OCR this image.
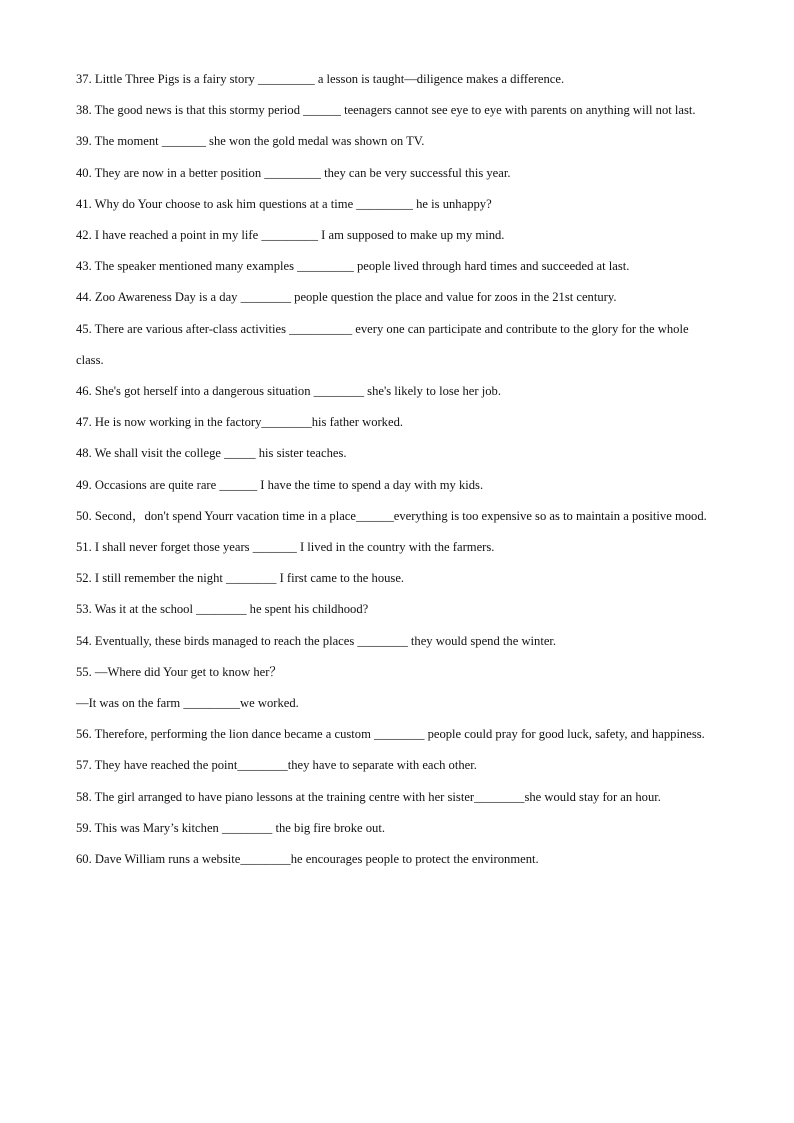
37. Little Three Pigs is a fairy story _________ a lesson is taught—diligence makes a difference.
38. The good news is that this stormy period ______ teenagers cannot see eye to eye with parents on anything will not last.
39. The moment _______ she won the gold medal was shown on TV.
40. They are now in a better position _________ they can be very successful this year.
41. Why do Your choose to ask him questions at a time _________ he is unhappy?
42. I have reached a point in my life _________ I am supposed to make up my mind.
43. The speaker mentioned many examples _________ people lived through hard times and succeeded at last.
44. Zoo Awareness Day is a day ________ people question the place and value for zoos in the 21st century.
45. There are various after-class activities __________ every one can participate and contribute to the glory for the whole class.
46. She's got herself into a dangerous situation ________ she's likely to lose her job.
47. He is now working in the factory________his father worked.
48. We shall visit the college _____ his sister teaches.
49. Occasions are quite rare ______ I have the time to spend a day with my kids.
50. Second，don't spend Yourr vacation time in a place______everything is too expensive so as to maintain a positive mood.
51. I shall never forget those years _______ I lived in the country with the farmers.
52. I still remember the night ________ I first came to the house.
53. Was it at the school ________ he spent his childhood?
54. Eventually, these birds managed to reach the places ________ they would spend the winter.
55. —Where did Your get to know her？
—It was on the farm _________we worked.
56. Therefore, performing the lion dance became a custom ________ people could pray for good luck, safety, and happiness.
57. They have reached the point________they have to separate with each other.
58. The girl arranged to have piano lessons at the training centre with her sister________she would stay for an hour.
59. This was Mary’s kitchen ________ the big fire broke out.
60. Dave William runs a website________he encourages people to protect the environment.
